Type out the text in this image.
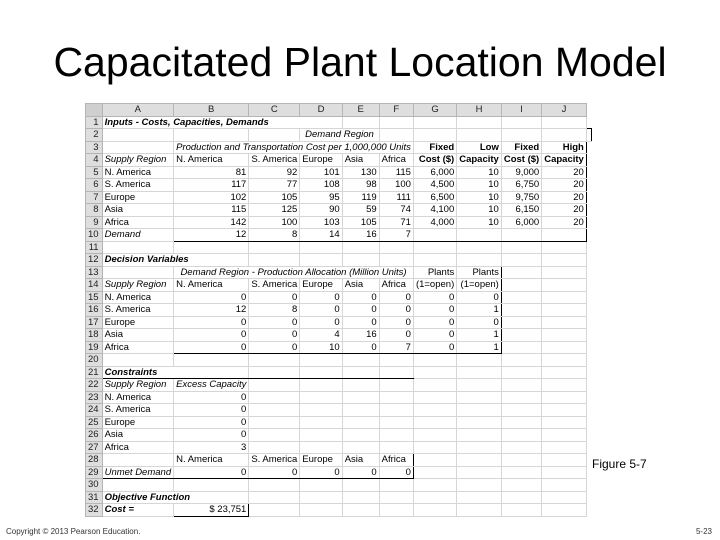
Capacitated Plant Location Model
	A	B	C	D	E	F	G	H	I	J	
1	Inputs - Costs, Capacities, Demands										
2				Demand Region							
3		Production and Transportation Cost per 1,000,000 Units					Fixed	Low	Fixed	High	
4	Supply Region	N. America	S. America	Europe	Asia	Africa	Cost ($)	Capacity	Cost ($)	Capacity	
5	N. America	81	92	101	130	115	6,000	10	9,000	20	
6	S. America	117	77	108	98	100	4,500	10	6,750	20	
7	Europe	102	105	95	119	111	6,500	10	9,750	20	
8	Asia	115	125	90	59	74	4,100	10	6,150	20	
9	Africa	142	100	103	105	71	4,000	10	6,000	20	
10	Demand	12	8	14	16	7					
11											
12	Decision Variables										
13		Demand Region - Production Allocation (Million Units)					Plants	Plants			
14	Supply Region	N. America	S. America	Europe	Asia	Africa	(1=open)	(1=open)			
15	N. America	0	0	0	0	0	0	0			
16	S. America	12	8	0	0	0	0	1			
17	Europe	0	0	0	0	0	0	0			
18	Asia	0	0	4	16	0	0	1			
19	Africa	0	0	10	0	7	0	1			
20											
21	Constraints										
22	Supply Region	Excess Capacity									
23	N. America	0									
24	S. America	0									
25	Europe	0									
26	Asia	0									
27	Africa	3									
28		N. America	S. America	Europe	Asia	Africa					
29	Unmet Demand	0	0	0	0	0					
30											
31	Objective Function										
32	Cost =	$ 23,751									
Figure 5-7
Copyright © 2013 Pearson Education.	5-23
